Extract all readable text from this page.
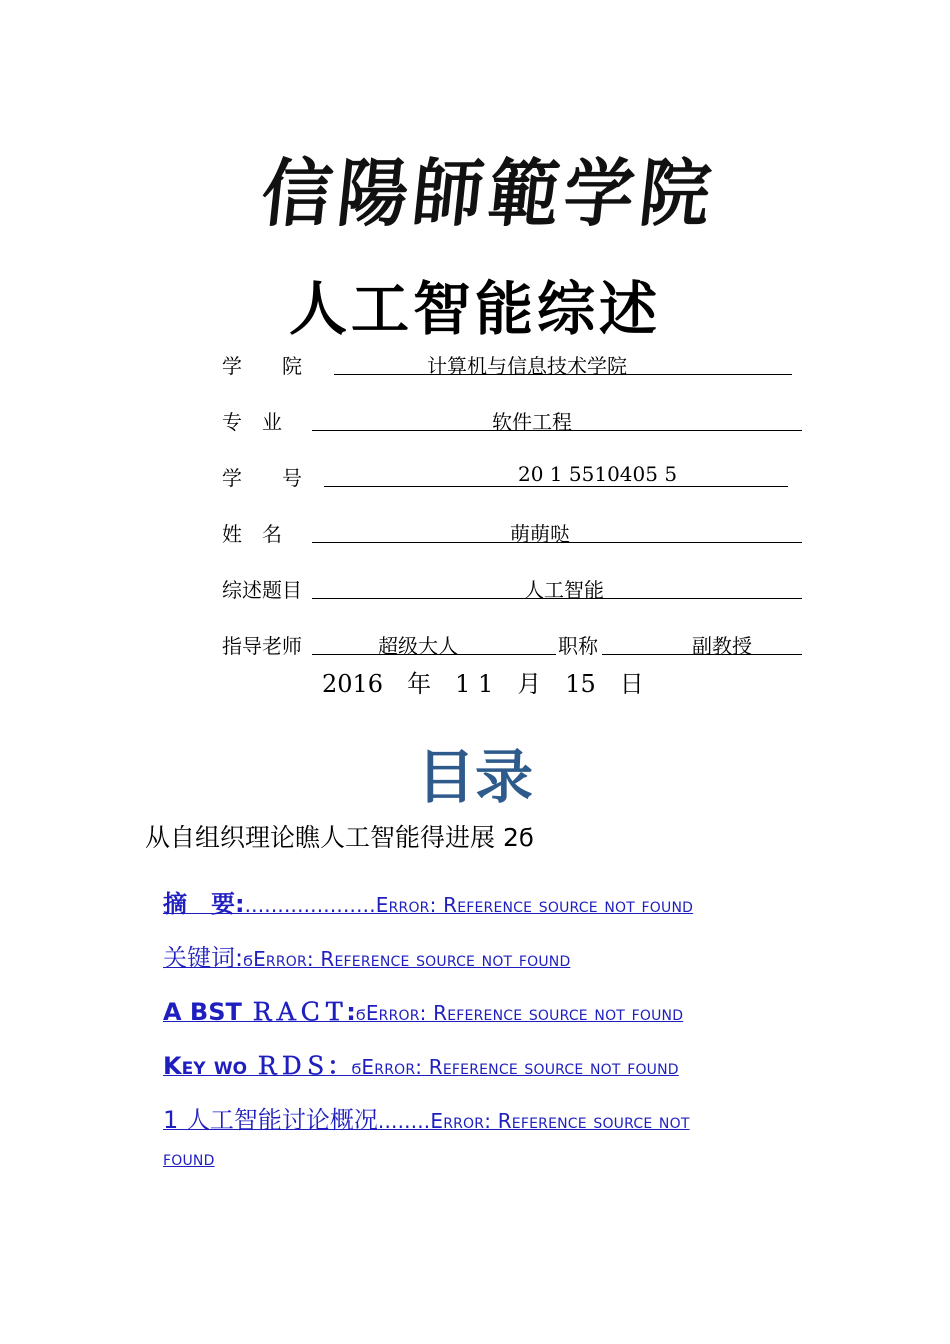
信
陽
師
範
学
院
人工智能综述
学　　院	计算机与信息技术学院
专　业	软件工程
学　　号	20 1 5510405 5
姓　名	萌萌哒
综述题目	人工智能
指导老师	超级大人	职称	副教授
2016　年　1 1　月　15　日
目录
从自组织理论瞧人工智能得进展 2ϭ
摘　要:....................Error: Reference source not found
关键词:ϭError: Reference source not found
A BST ＲＡＣＴ:ϭError: Reference source not found
Key wo ＲＤＳ：ϭError: Reference source not found
1 人工智能讨论概况........Error: Reference source not
found
